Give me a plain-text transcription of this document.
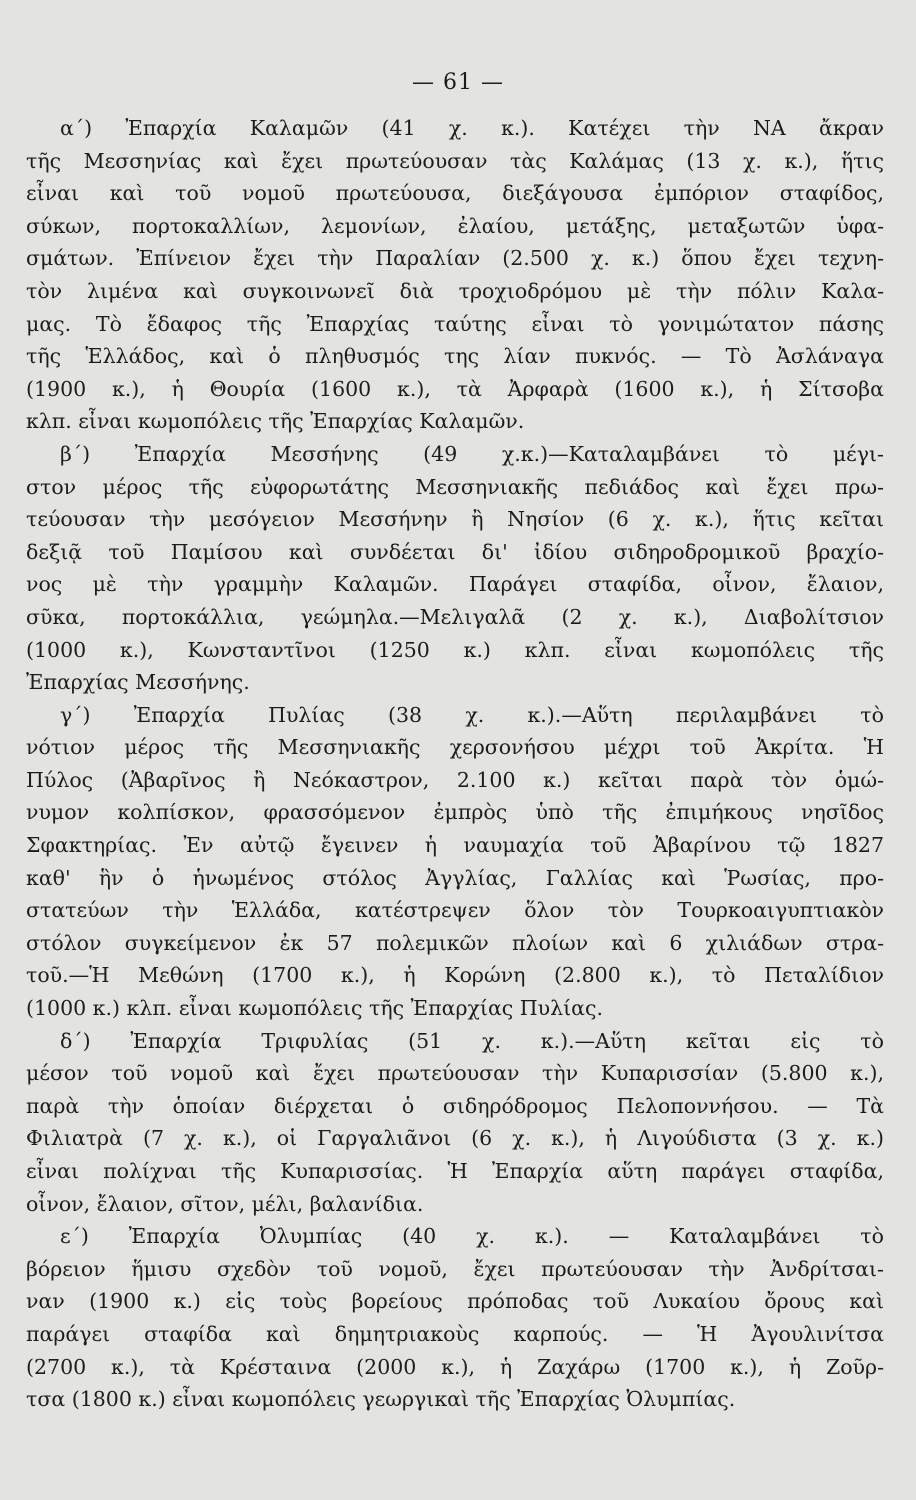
— 61 —
α΄) Ἐπαρχία Καλαμῶν (41 χ. κ.). Κατέχει τὴν ΝΑ ἄκραν
τῆς Μεσσηνίας καὶ ἔχει πρωτεύουσαν τὰς Καλάμας (13 χ. κ.), ἥτις
εἶναι καὶ τοῦ νομοῦ πρωτεύουσα, διεξάγουσα ἐμπόριον σταφίδος,
σύκων, πορτοκαλλίων, λεμονίων, ἐλαίου, μετάξης, μεταξωτῶν ὑφα-
σμάτων. Ἐπίνειον ἔχει τὴν Παραλίαν (2.500 χ. κ.) ὅπου ἔχει τεχνη-
τὸν λιμένα καὶ συγκοινωνεῖ διὰ τροχιοδρόμου μὲ τὴν πόλιν Καλα-
μας. Τὸ ἔδαφος τῆς Ἐπαρχίας ταύτης εἶναι τὸ γονιμώτατον πάσης
τῆς Ἑλλάδος, καὶ ὁ πληθυσμός της λίαν πυκνός. — Τὸ Ἀσλάναγα
(1900 κ.), ἡ Θουρία (1600 κ.), τὰ Ἀρφαρὰ (1600 κ.), ἡ Σίτσοβα
κλπ. εἶναι κωμοπόλεις τῆς Ἐπαρχίας Καλαμῶν.
β΄) Ἐπαρχία Μεσσήνης (49 χ.κ.)—Καταλαμβάνει τὸ μέγι-
στον μέρος τῆς εὐφορωτάτης Μεσσηνιακῆς πεδιάδος καὶ ἔχει πρω-
τεύουσαν τὴν μεσόγειον Μεσσήνην ἢ Νησίον (6 χ. κ.), ἥτις κεῖται
δεξιᾷ τοῦ Παμίσου καὶ συνδέεται δι' ἰδίου σιδηροδρομικοῦ βραχίο-
νος μὲ τὴν γραμμὴν Καλαμῶν. Παράγει σταφίδα, οἶνον, ἔλαιον,
σῦκα, πορτοκάλλια, γεώμηλα.—Μελιγαλᾶ (2 χ. κ.), Διαβολίτσιον
(1000 κ.), Κωνσταντῖνοι (1250 κ.) κλπ. εἶναι κωμοπόλεις τῆς
Ἐπαρχίας Μεσσήνης.
γ΄) Ἐπαρχία Πυλίας (38 χ. κ.).—Αὕτη περιλαμβάνει τὸ
νότιον μέρος τῆς Μεσσηνιακῆς χερσονήσου μέχρι τοῦ Ἀκρίτα. Ἡ
Πύλος (Ἀβαρῖνος ἢ Νεόκαστρον, 2.100 κ.) κεῖται παρὰ τὸν ὁμώ-
νυμον κολπίσκον, φρασσόμενον ἐμπρὸς ὑπὸ τῆς ἐπιμήκους νησῖδος
Σφακτηρίας. Ἐν αὐτῷ ἔγεινεν ἡ ναυμαχία τοῦ Ἀβαρίνου τῷ 1827
καθ' ἣν ὁ ἡνωμένος στόλος Ἀγγλίας, Γαλλίας καὶ Ῥωσίας, προ-
στατεύων τὴν Ἑλλάδα, κατέστρεψεν ὅλον τὸν Τουρκοαιγυπτιακὸν
στόλον συγκείμενον ἐκ 57 πολεμικῶν πλοίων καὶ 6 χιλιάδων στρα-
τοῦ.—Ἡ Μεθώνη (1700 κ.), ἡ Κορώνη (2.800 κ.), τὸ Πεταλίδιον
(1000 κ.) κλπ. εἶναι κωμοπόλεις τῆς Ἐπαρχίας Πυλίας.
δ΄) Ἐπαρχία Τριφυλίας (51 χ. κ.).—Αὕτη κεῖται εἰς τὸ
μέσον τοῦ νομοῦ καὶ ἔχει πρωτεύουσαν τὴν Κυπαρισσίαν (5.800 κ.),
παρὰ τὴν ὁποίαν διέρχεται ὁ σιδηρόδρομος Πελοποννήσου. — Τὰ
Φιλιατρὰ (7 χ. κ.), οἱ Γαργαλιᾶνοι (6 χ. κ.), ἡ Λιγούδιστα (3 χ. κ.)
εἶναι πολίχναι τῆς Κυπαρισσίας. Ἡ Ἐπαρχία αὕτη παράγει σταφίδα,
οἶνον, ἔλαιον, σῖτον, μέλι, βαλανίδια.
ε΄) Ἐπαρχία Ὀλυμπίας (40 χ. κ.). — Καταλαμβάνει τὸ
βόρειον ἥμισυ σχεδὸν τοῦ νομοῦ, ἔχει πρωτεύουσαν τὴν Ἀνδρίτσαι-
ναν (1900 κ.) εἰς τοὺς βορείους πρόποδας τοῦ Λυκαίου ὄρους καὶ
παράγει σταφίδα καὶ δημητριακοὺς καρπούς. — Ἡ Ἀγουλινίτσα
(2700 κ.), τὰ Κρέσταινα (2000 κ.), ἡ Ζαχάρω (1700 κ.), ἡ Ζοῦρ-
τσα (1800 κ.) εἶναι κωμοπόλεις γεωργικαὶ τῆς Ἐπαρχίας Ὀλυμπίας.
